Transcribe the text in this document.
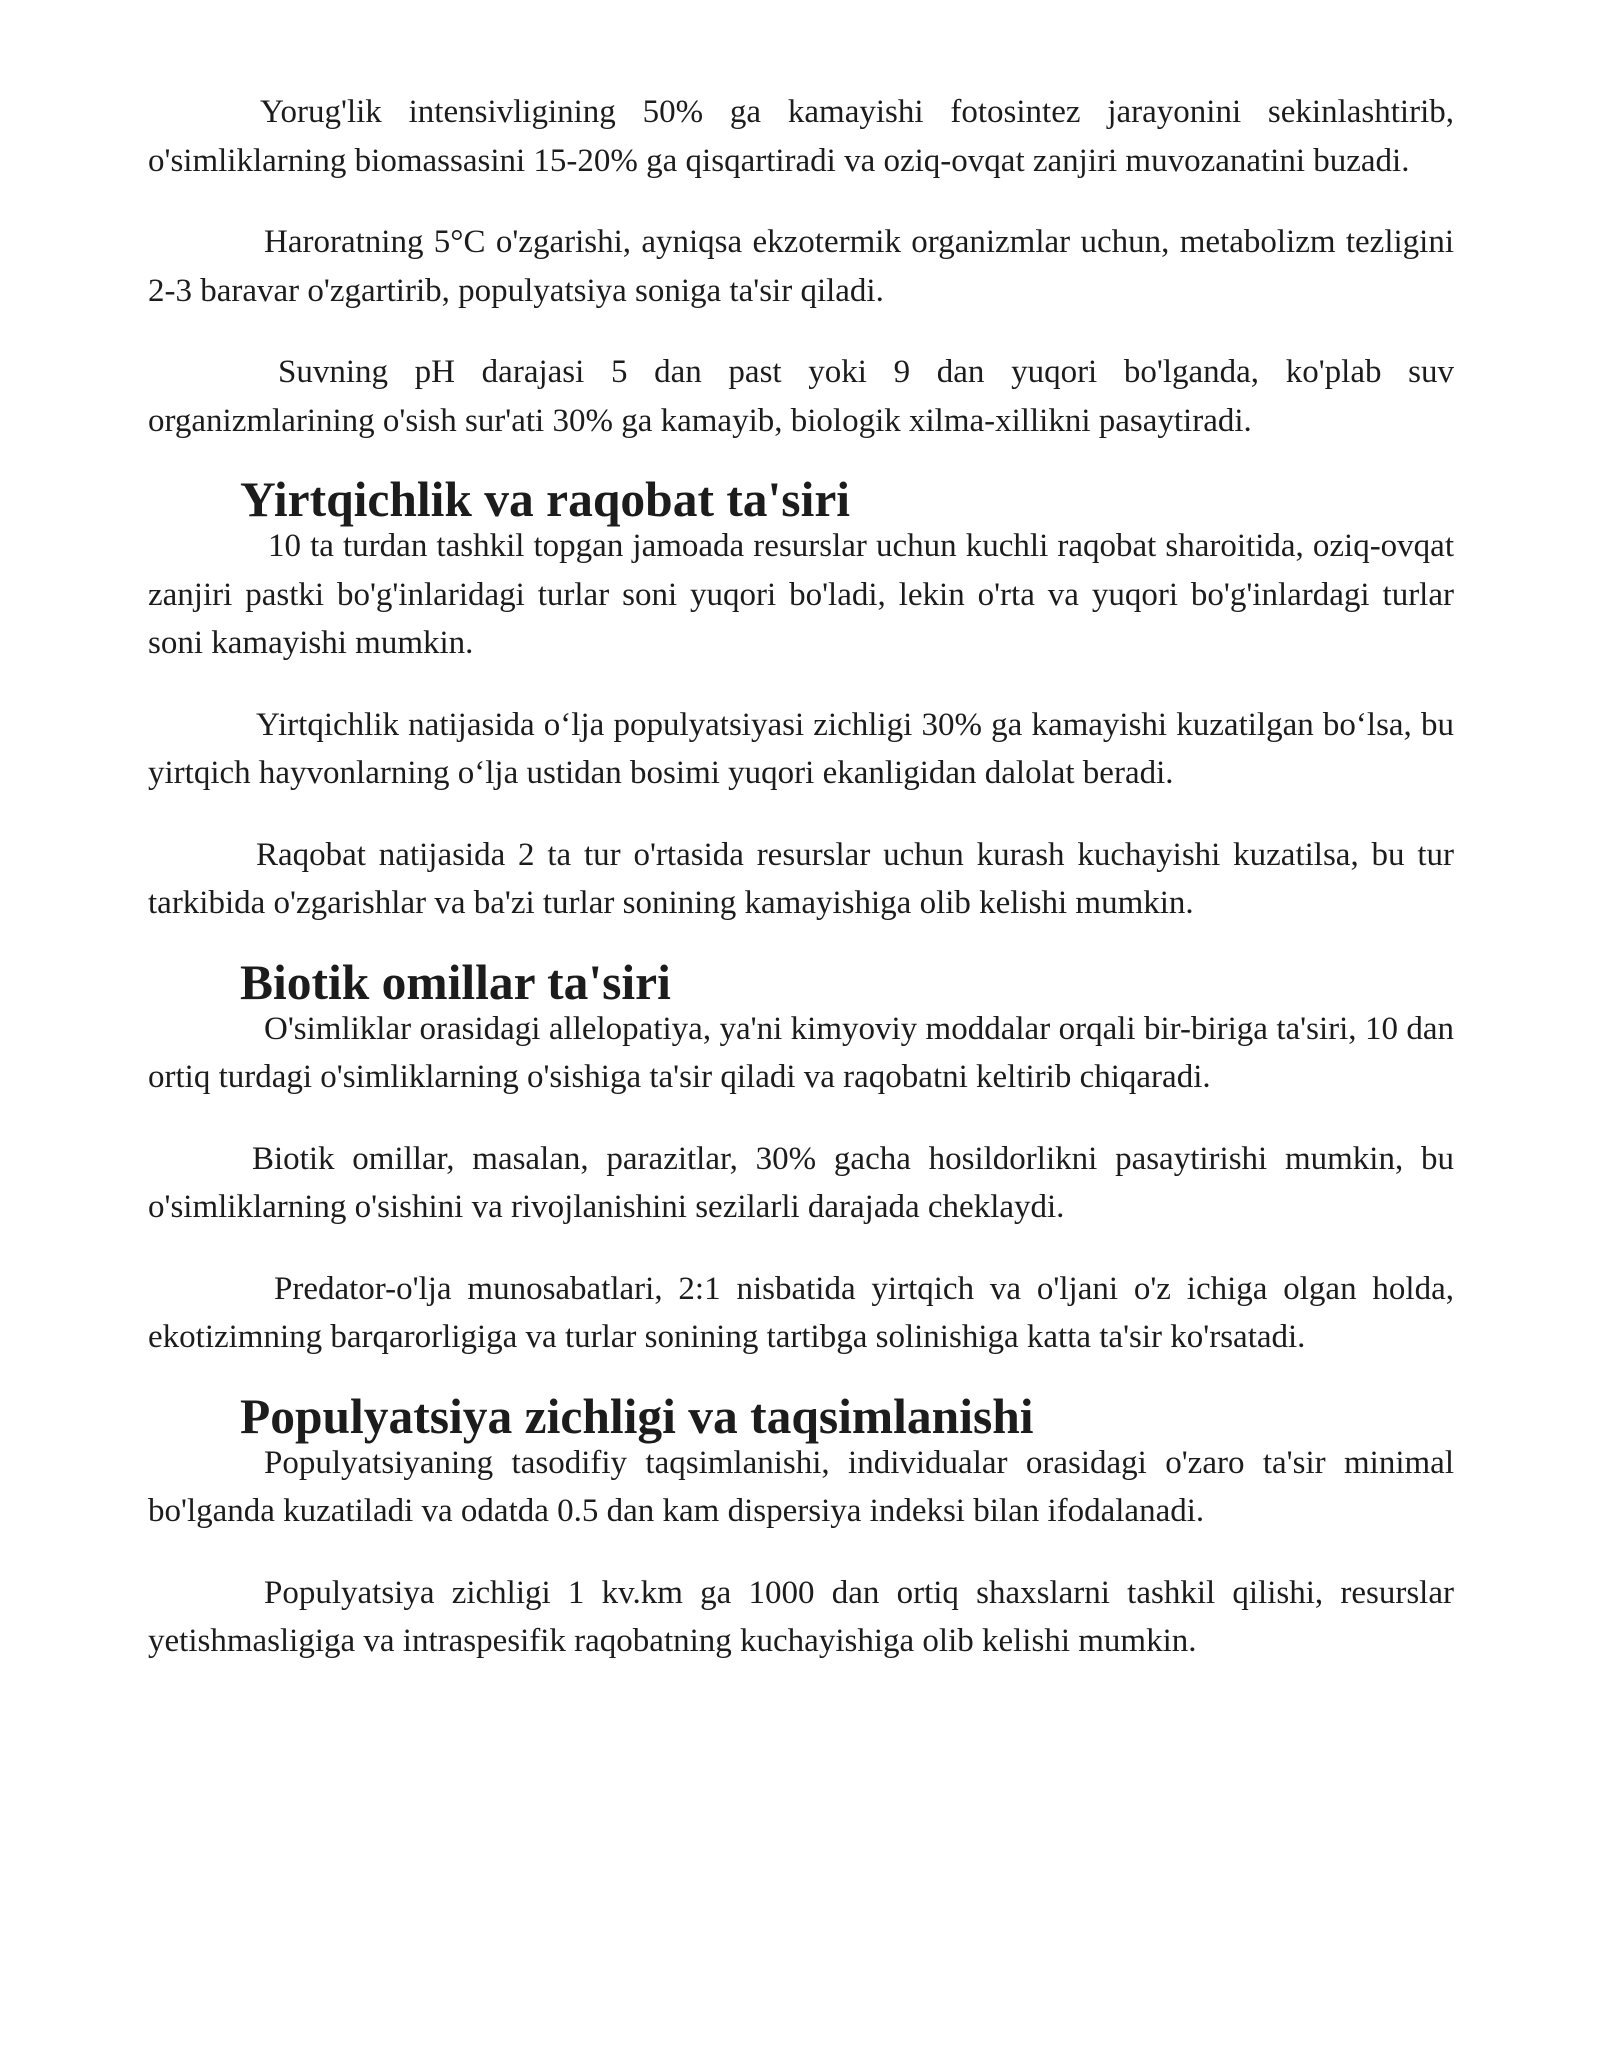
Yorug'lik intensivligining 50% ga kamayishi fotosintez jarayonini sekinlashtirib, o'simliklarning biomassasini 15-20% ga qisqartiradi va oziq-ovqat zanjiri muvozanatini buzadi.

Haroratning 5°C o'zgarishi, ayniqsa ekzotermik organizmlar uchun, metabolizm tezligini 2-3 baravar o'zgartirib, populyatsiya soniga ta'sir qiladi.

Suvning pH darajasi 5 dan past yoki 9 dan yuqori bo'lganda, ko'plab suv organizmlarining o'sish sur'ati 30% ga kamayib, biologik xilma-xillikni pasaytiradi.

Yirtqichlik va raqobat ta'siri

10 ta turdan tashkil topgan jamoada resurslar uchun kuchli raqobat sharoitida, oziq-ovqat zanjiri pastki bo'g'inlaridagi turlar soni yuqori bo'ladi, lekin o'rta va yuqori bo'g'inlardagi turlar soni kamayishi mumkin.

Yirtqichlik natijasida o‘lja populyatsiyasi zichligi 30% ga kamayishi kuzatilgan bo‘lsa, bu yirtqich hayvonlarning o‘lja ustidan bosimi yuqori ekanligidan dalolat beradi.

Raqobat natijasida 2 ta tur o'rtasida resurslar uchun kurash kuchayishi kuzatilsa, bu tur tarkibida o'zgarishlar va ba'zi turlar sonining kamayishiga olib kelishi mumkin.

Biotik omillar ta'siri

O'simliklar orasidagi allelopatiya, ya'ni kimyoviy moddalar orqali bir-biriga ta'siri, 10 dan ortiq turdagi o'simliklarning o'sishiga ta'sir qiladi va raqobatni keltirib chiqaradi.

Biotik omillar, masalan, parazitlar, 30% gacha hosildorlikni pasaytirishi mumkin, bu o'simliklarning o'sishini va rivojlanishini sezilarli darajada cheklaydi.

Predator-o'lja munosabatlari, 2:1 nisbatida yirtqich va o'ljani o'z ichiga olgan holda, ekotizimning barqarorligiga va turlar sonining tartibga solinishiga katta ta'sir ko'rsatadi.

Populyatsiya zichligi va taqsimlanishi

Populyatsiyaning tasodifiy taqsimlanishi, individualar orasidagi o'zaro ta'sir minimal bo'lganda kuzatiladi va odatda 0.5 dan kam dispersiya indeksi bilan ifodalanadi.

Populyatsiya zichligi 1 kv.km ga 1000 dan ortiq shaxslarni tashkil qilishi, resurslar yetishmasligiga va intraspesifik raqobatning kuchayishiga olib kelishi mumkin.
